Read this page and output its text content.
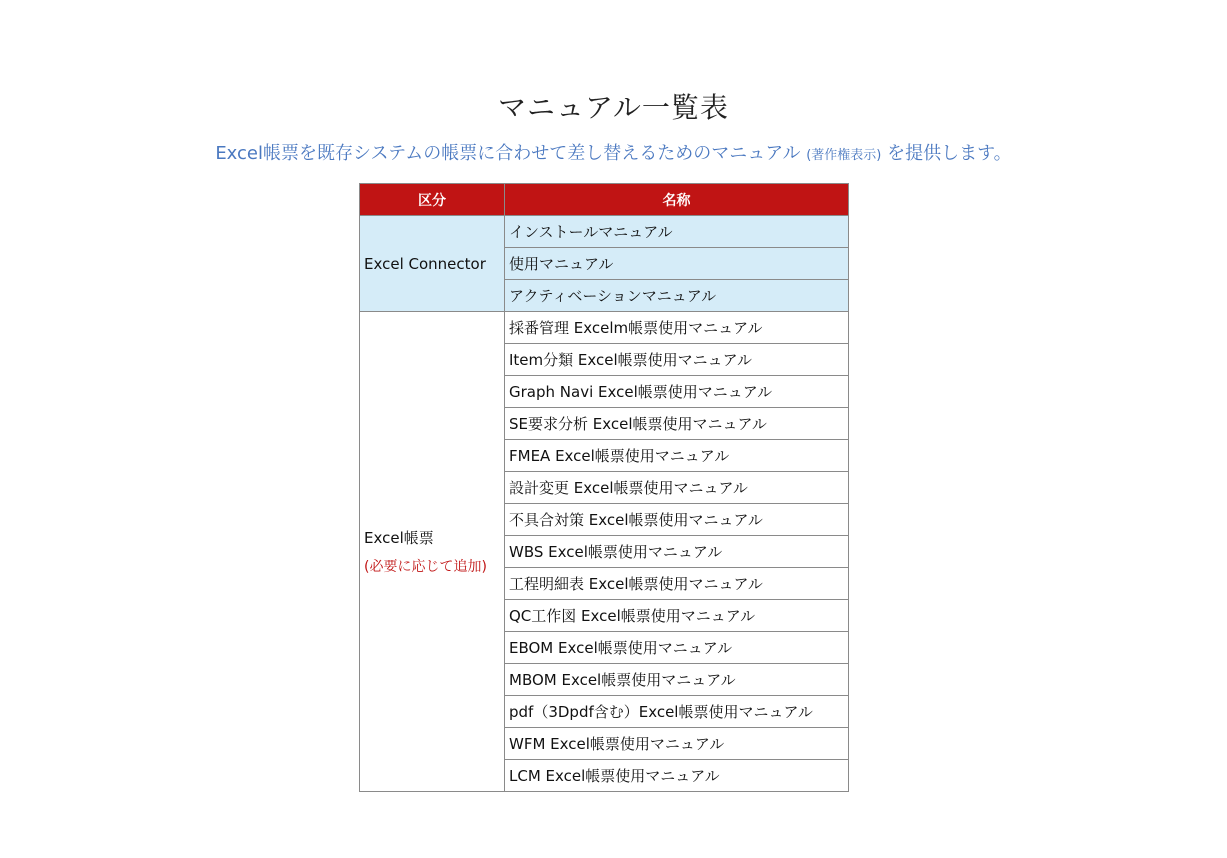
マニュアル一覧表

Excel帳票を既存システムの帳票に合わせて差し替えるためのマニュアル (著作権表示) を提供します。

区分	名称

Excel Connector	インストールマニュアル
	使用マニュアル
	アクティベーションマニュアル

Excel帳票
(必要に応じて追加)	採番管理 Excelm帳票使用マニュアル
	Item分類 Excel帳票使用マニュアル
	Graph Navi Excel帳票使用マニュアル
	SE要求分析 Excel帳票使用マニュアル
	FMEA Excel帳票使用マニュアル
	設計変更 Excel帳票使用マニュアル
	不具合対策 Excel帳票使用マニュアル
	WBS Excel帳票使用マニュアル
	工程明細表 Excel帳票使用マニュアル
	QC工作図 Excel帳票使用マニュアル
	EBOM Excel帳票使用マニュアル
	MBOM Excel帳票使用マニュアル
	pdf（3Dpdf含む）Excel帳票使用マニュアル
	WFM Excel帳票使用マニュアル
	LCM Excel帳票使用マニュアル
